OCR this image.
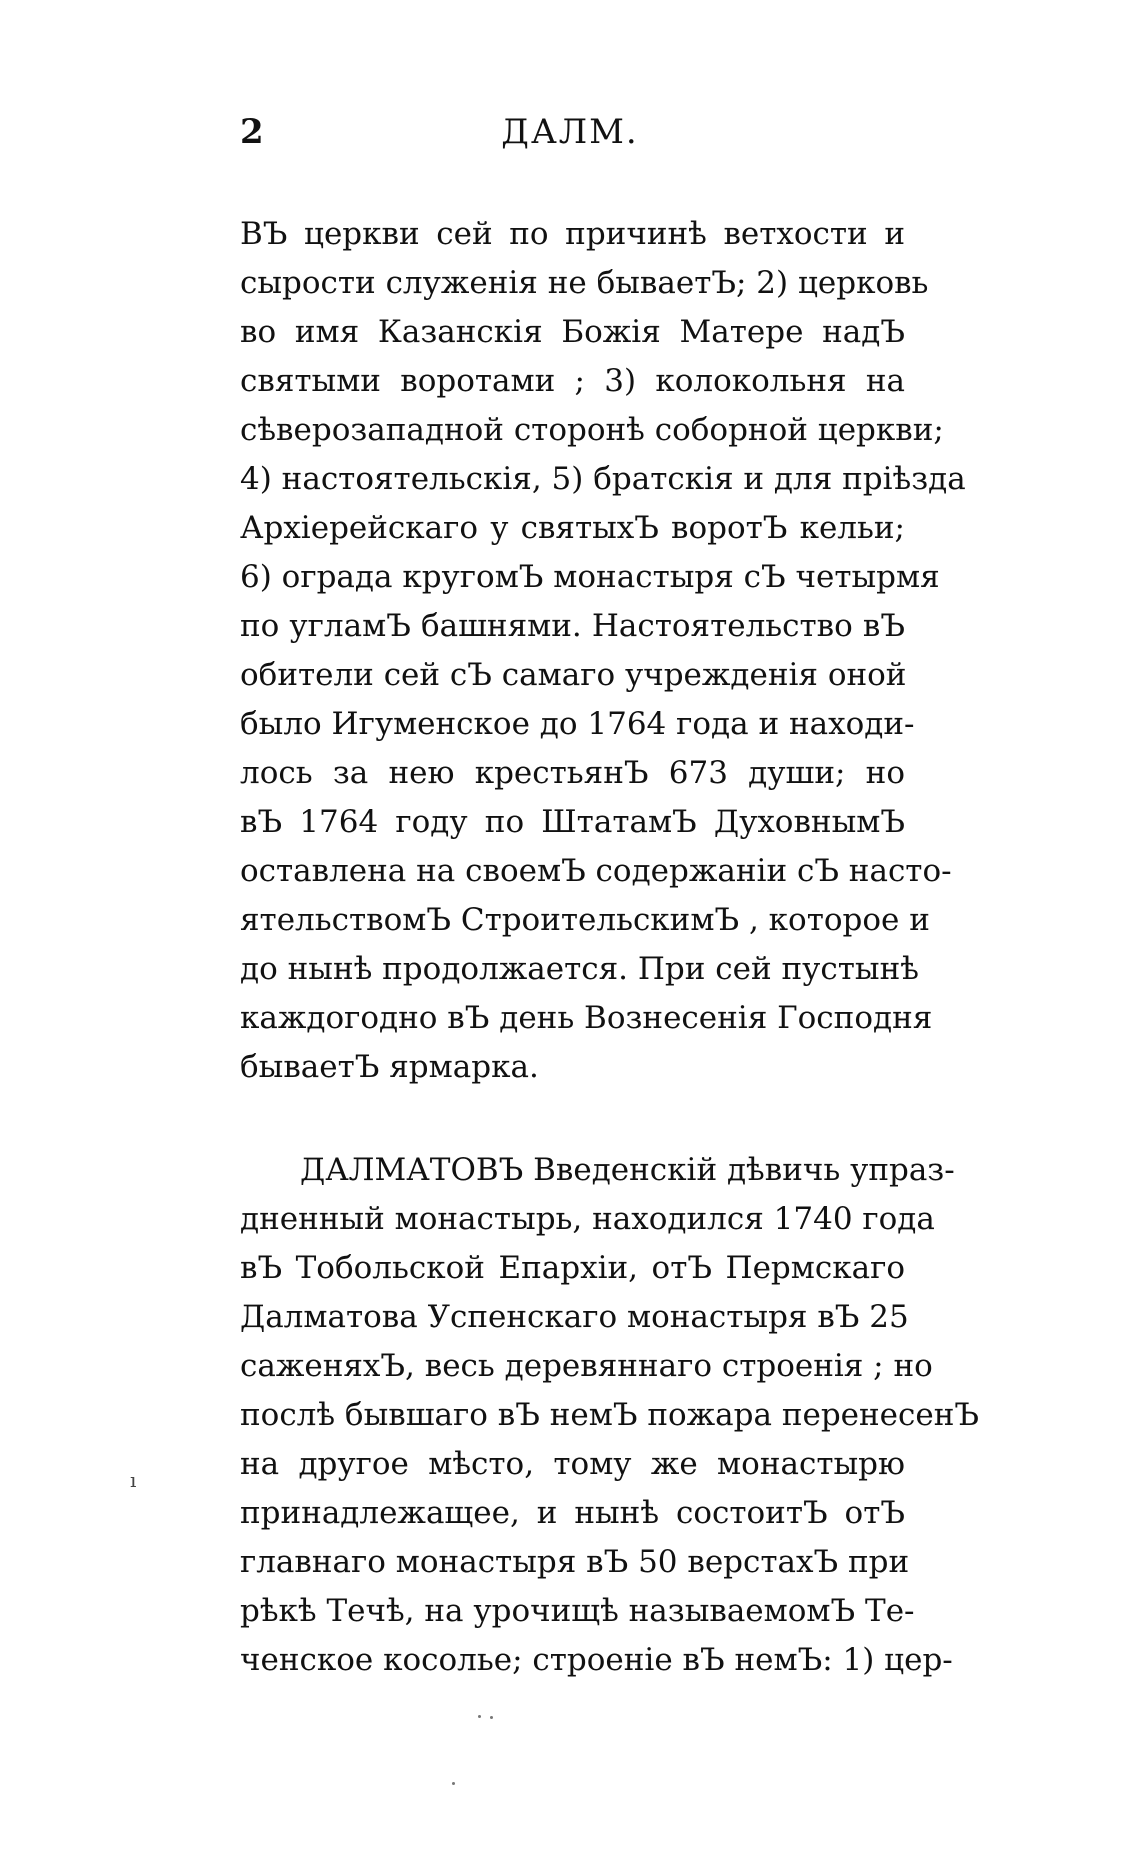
2	ДАЛМ.
ВЪ церкви сей по причинѣ ветхости и
сырости служенія не бываетЪ; 2) церковь
во имя Казанскія Божія Матере надЪ
святыми воротами ; 3) колокольня на
сѣверозападной сторонѣ соборной церкви;
4) настоятельскія, 5) братскія и для пріѣзда
Архіерейскаго у святыхЪ воротЪ кельи;
6) ограда кругомЪ монастыря сЪ четырмя
по угламЪ башнями. Настоятельство вЪ
обители сей сЪ самаго учрежденія оной
было Игуменское до 1764 года и находи-
лось за нею крестьянЪ 673 души; но
вЪ 1764 году по ШтатамЪ ДуховнымЪ
оставлена на своемЪ содержаніи сЪ насто-
ятельствомЪ СтроительскимЪ , которое и
до нынѣ продолжается. При сей пустынѣ
каждогодно вЪ день Вознесенія Господня
бываетЪ ярмарка.
ДАЛМАТОВЪ Введенскій дѣвичь упраз-
дненный монастырь, находился 1740 года
вЪ Тобольской Епархіи, отЪ Пермскаго
Далматова Успенскаго монастыря вЪ 25
саженяхЪ, весь деревяннаго строенія ; но
послѣ бывшаго вЪ немЪ пожара перенесенЪ
на другое мѣсто, тому же монастырю
принадлежащее, и нынѣ состоитЪ отЪ
главнаго монастыря вЪ 50 верстахЪ при
рѣкѣ Течѣ, на урочищѣ называемомЪ Те-
ченское косолье; строеніе вЪ немЪ: 1) цер-
ı
